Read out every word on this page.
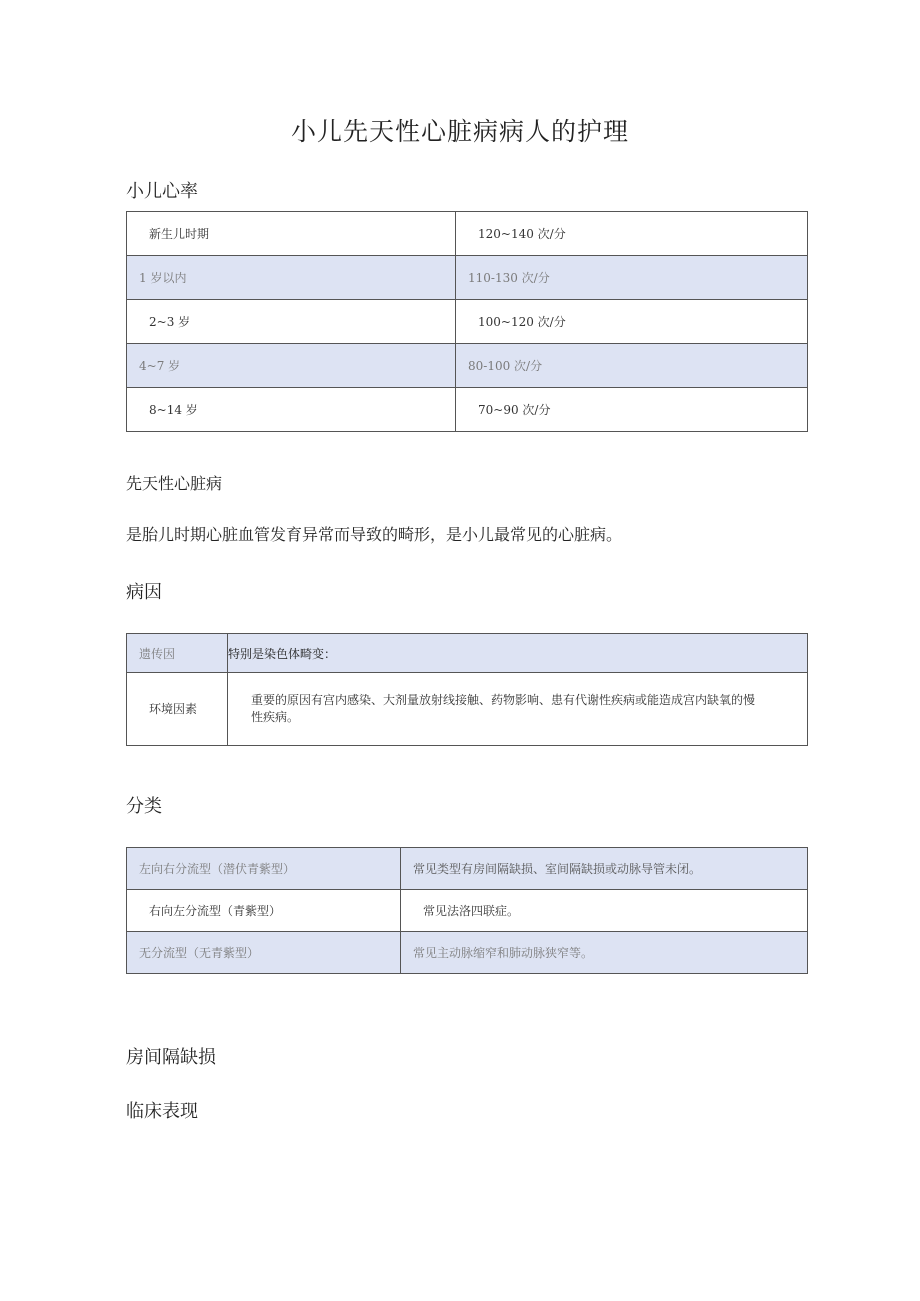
小儿先天性心脏病病人的护理
小儿心率
新生儿时期	120~140 次/分

1 岁以内	110-130 次/分

2~3 岁	100~120 次/分

4~7 岁	80-100 次/分

8~14 岁	70~90 次/分
先天性心脏病
是胎儿时期心脏血管发育异常而导致的畸形，是小儿最常见的心脏病。
病因
遗传因	特别是染色体畸变：

环境因素	重要的原因有宫内感染、大剂量放射线接触、药物影响、患有代谢性疾病或能造成宫内缺氧的慢性疾病。
分类
左向右分流型（潜伏青紫型）	常见类型有房间隔缺损、室间隔缺损或动脉导管未闭。

右向左分流型（青紫型）	常见法洛四联症。

无分流型（无青紫型）	常见主动脉缩窄和肺动脉狭窄等。
房间隔缺损
临床表现
